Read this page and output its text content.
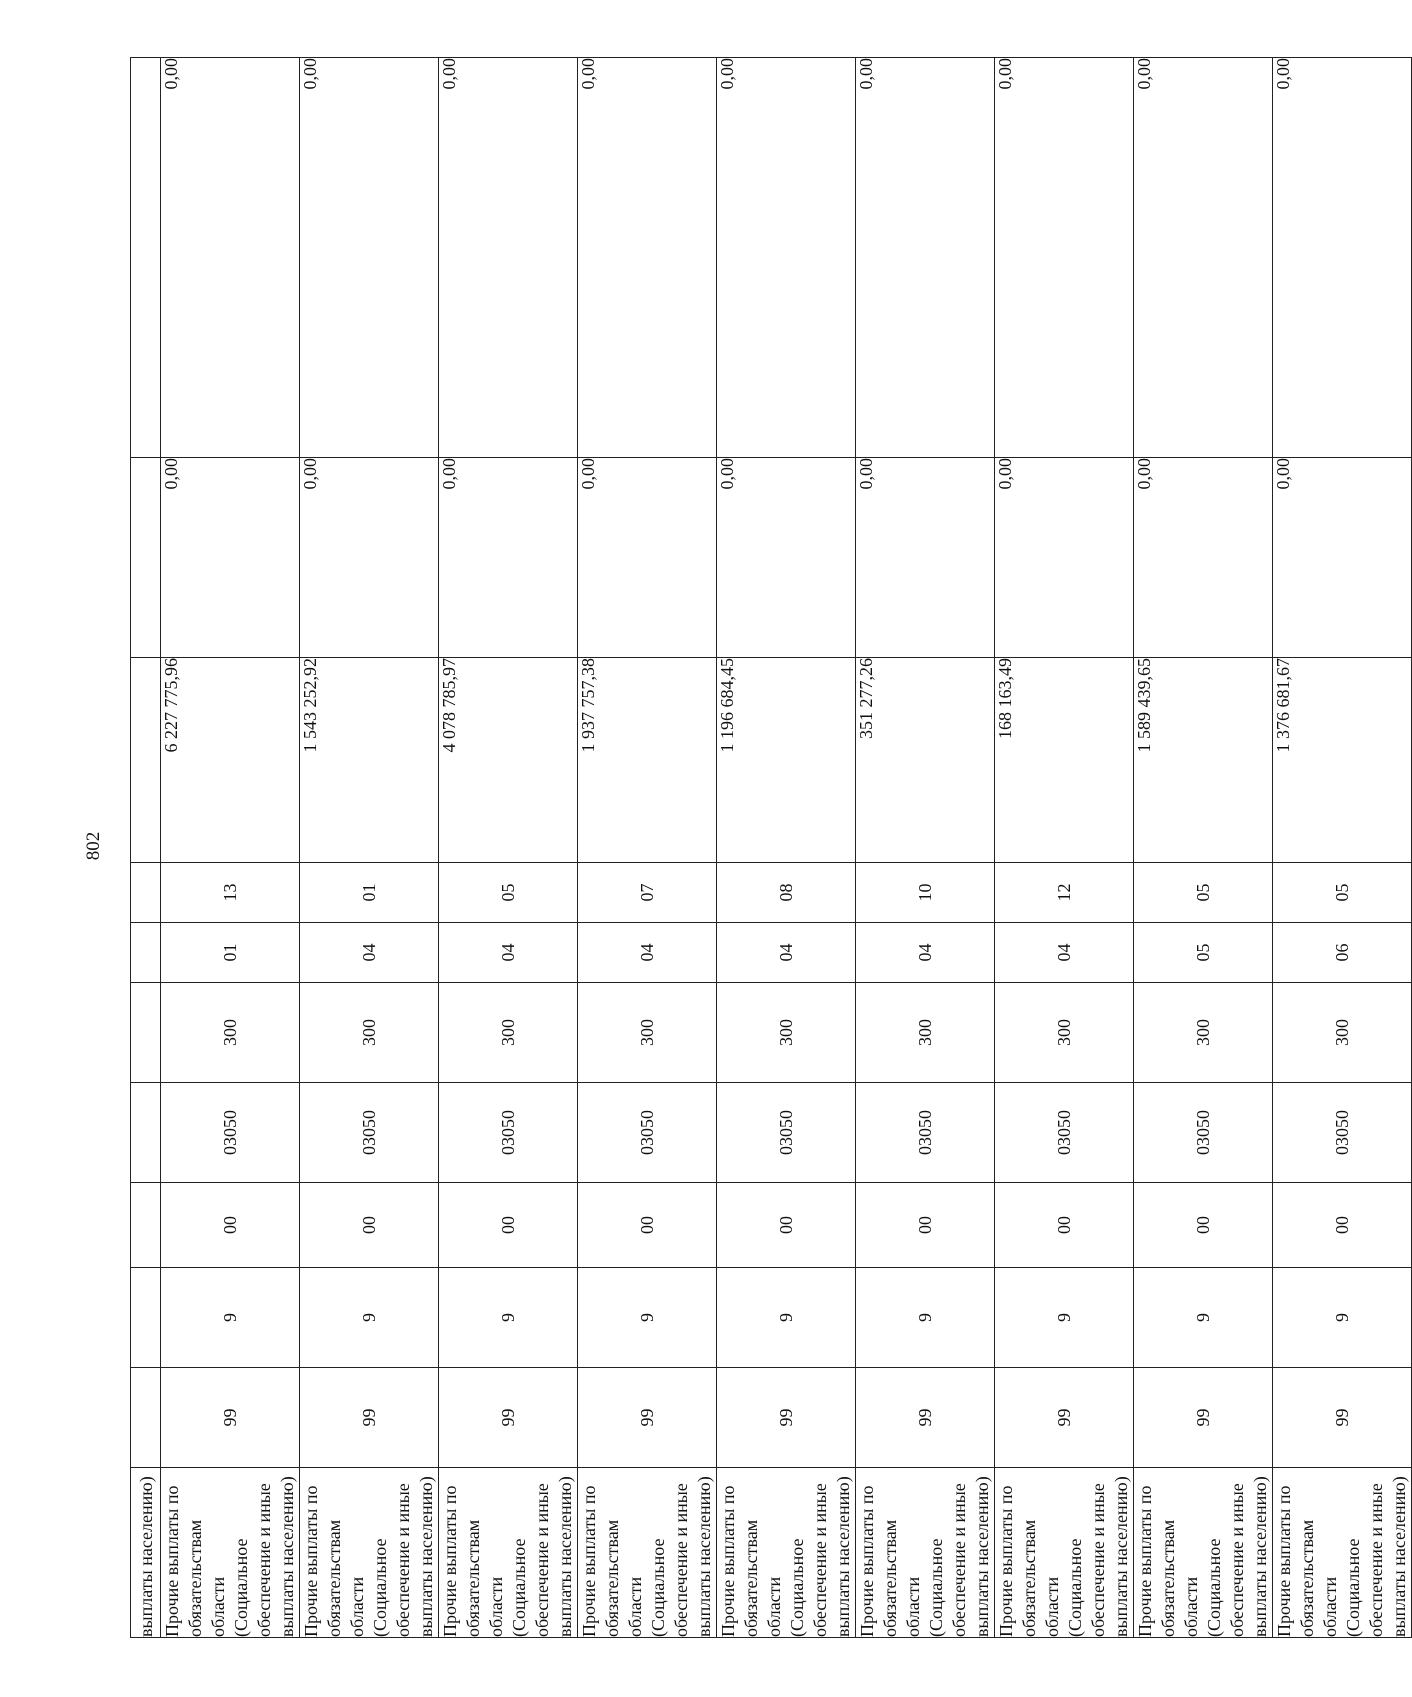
802
выплаты населению)										

Прочие выплаты по обязательствам области (Социальное обеспечение и иные выплаты населению)	99	9	00	03050	300	01	13	6 227 775,96	0,00	0,00

Прочие выплаты по обязательствам области (Социальное обеспечение и иные выплаты населению)	99	9	00	03050	300	04	01	1 543 252,92	0,00	0,00

Прочие выплаты по обязательствам области (Социальное обеспечение и иные выплаты населению)	99	9	00	03050	300	04	05	4 078 785,97	0,00	0,00

Прочие выплаты по обязательствам области (Социальное обеспечение и иные выплаты населению)	99	9	00	03050	300	04	07	1 937 757,38	0,00	0,00

Прочие выплаты по обязательствам области (Социальное обеспечение и иные выплаты населению)	99	9	00	03050	300	04	08	1 196 684,45	0,00	0,00

Прочие выплаты по обязательствам области (Социальное обеспечение и иные выплаты населению)	99	9	00	03050	300	04	10	351 277,26	0,00	0,00

Прочие выплаты по обязательствам области (Социальное обеспечение и иные выплаты населению)	99	9	00	03050	300	04	12	168 163,49	0,00	0,00

Прочие выплаты по обязательствам области (Социальное обеспечение и иные выплаты населению)	99	9	00	03050	300	05	05	1 589 439,65	0,00	0,00

Прочие выплаты по обязательствам области (Социальное обеспечение и иные выплаты населению)	99	9	00	03050	300	06	05	1 376 681,67	0,00	0,00
